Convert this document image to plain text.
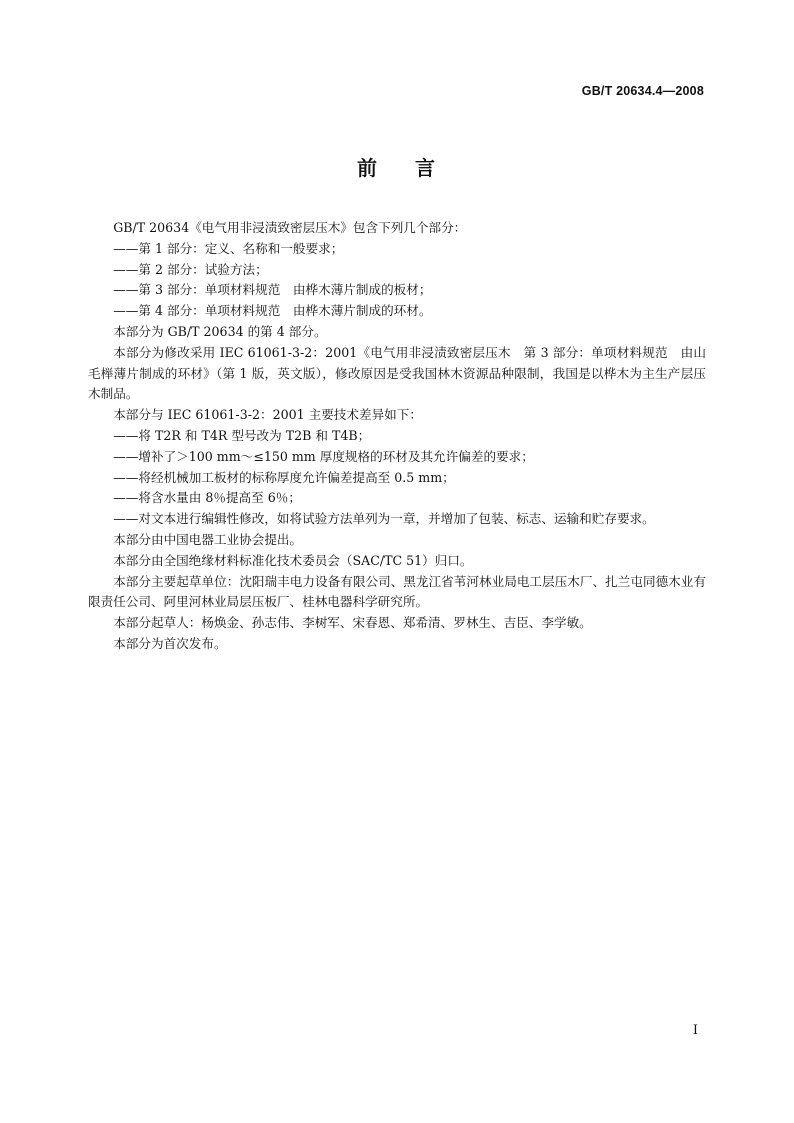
GB/T 20634.4—2008
前 言

GB/T 20634《电气用非浸渍致密层压木》包含下列几个部分：

——第 1 部分：定义、名称和一般要求；

——第 2 部分：试验方法；

——第 3 部分：单项材料规范　由桦木薄片制成的板材；

——第 4 部分：单项材料规范　由桦木薄片制成的环材。

本部分为 GB/T 20634 的第 4 部分。

本部分为修改采用 IEC 61061-3-2：2001《电气用非浸渍致密层压木　第 3 部分：单项材料规范　由山毛榉薄片制成的环材》（第 1 版，英文版），修改原因是受我国林木资源品种限制，我国是以桦木为主生产层压木制品。

本部分与 IEC 61061-3-2：2001 主要技术差异如下：

——将 T2R 和 T4R 型号改为 T2B 和 T4B；

——增补了＞100 mm～≤150 mm 厚度规格的环材及其允许偏差的要求；

——将经机械加工板材的标称厚度允许偏差提高至 0.5 mm；

——将含水量由 8％提高至 6％；

——对文本进行编辑性修改，如将试验方法单列为一章，并增加了包装、标志、运输和贮存要求。

本部分由中国电器工业协会提出。

本部分由全国绝缘材料标准化技术委员会（SAC/TC 51）归口。

本部分主要起草单位：沈阳瑞丰电力设备有限公司、黑龙江省苇河林业局电工层压木厂、扎兰屯同德木业有限责任公司、阿里河林业局层压板厂、桂林电器科学研究所。

本部分起草人：杨焕金、孙志伟、李树军、宋春恩、郑希清、罗林生、吉臣、李学敏。

本部分为首次发布。

I
